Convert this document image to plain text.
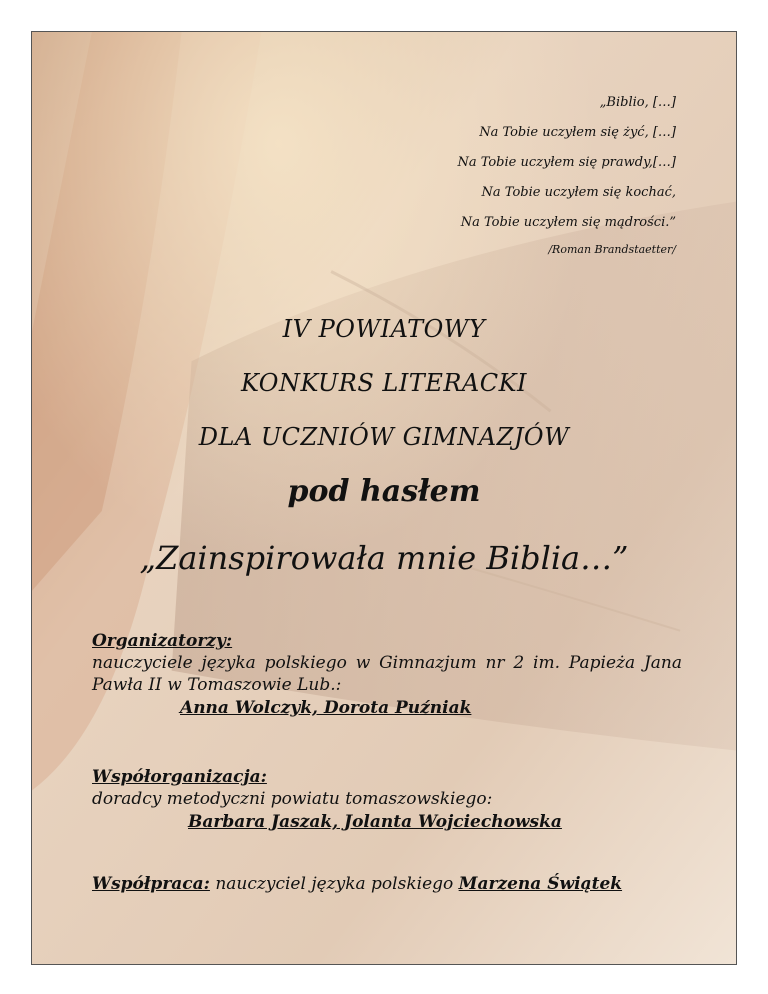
„Biblio, […]
Na Tobie uczyłem się żyć, […]
Na Tobie uczyłem się prawdy,[…]
Na Tobie uczyłem się kochać,
Na Tobie uczyłem się mądrości.”
/Roman Brandstaetter/
IV POWIATOWY
KONKURS LITERACKI
DLA UCZNIÓW GIMNAZJÓW
pod hasłem
„Zainspirowała mnie Biblia…”
Organizatorzy:
nauczyciele języka polskiego w Gimnazjum nr 2 im. Papieża Jana Pawła II w Tomaszowie Lub.:
Anna Wolczyk, Dorota Puźniak
Współorganizacja:
doradcy metodyczni powiatu tomaszowskiego:
Barbara Jaszak, Jolanta Wojciechowska
Współpraca: nauczyciel języka polskiego Marzena Świątek
